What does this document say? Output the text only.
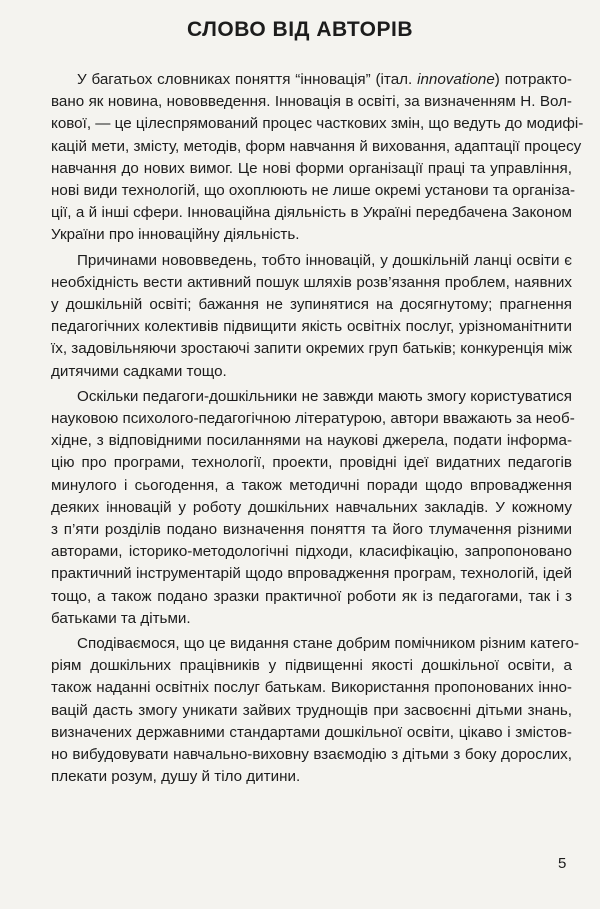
СЛОВО ВІД АВТОРІВ
У багатьох словниках поняття “інновація” (італ. innovatione) потракто-
вано як новина, нововведення. Інновація в освіті, за визначенням Н. Вол-
кової, — це цілеспрямований процес часткових змін, що ведуть до модифі-
кацій мети, змісту, методів, форм навчання й виховання, адаптації процесу
навчання до нових вимог. Це нові форми організації праці та управління,
нові види технологій, що охоплюють не лише окремі установи та організа-
ції, а й інші сфери. Інноваційна діяльність в Україні передбачена Законом
України про інноваційну діяльність.
Причинами нововведень, тобто інновацій, у дошкільній ланці освіти є
необхідність вести активний пошук шляхів розв’язання проблем, наявних
у дошкільній освіті; бажання не зупинятися на досягнутому; прагнення
педагогічних колективів підвищити якість освітніх послуг, урізноманітнити
їх, задовільняючи зростаючі запити окремих груп батьків; конкуренція між
дитячими садками тощо.
Оскільки педагоги-дошкільники не завжди мають змогу користуватися
науковою психолого-педагогічною літературою, автори вважають за необ-
хідне, з відповідними посиланнями на наукові джерела, подати інформа-
цію про програми, технології, проекти, провідні ідеї видатних педагогів
минулого і сьогодення, а також методичні поради щодо впровадження
деяких інновацій у роботу дошкільних навчальних закладів. У кожному
з п’яти розділів подано визначення поняття та його тлумачення різними
авторами, історико-методологічні підходи, класифікацію, запропоновано
практичний інструментарій щодо впровадження програм, технологій, ідей
тощо, а також подано зразки практичної роботи як із педагогами, так і з
батьками та дітьми.
Сподіваємося, що це видання стане добрим помічником різним катего-
ріям дошкільних працівників у підвищенні якості дошкільної освіти, а
також наданні освітніх послуг батькам. Використання пропонованих інно-
вацій дасть змогу уникати зайвих труднощів при засвоєнні дітьми знань,
визначених державними стандартами дошкільної освіти, цікаво і змістов-
но вибудовувати навчально-виховну взаємодію з дітьми з боку дорослих,
плекати розум, душу й тіло дитини.
5
